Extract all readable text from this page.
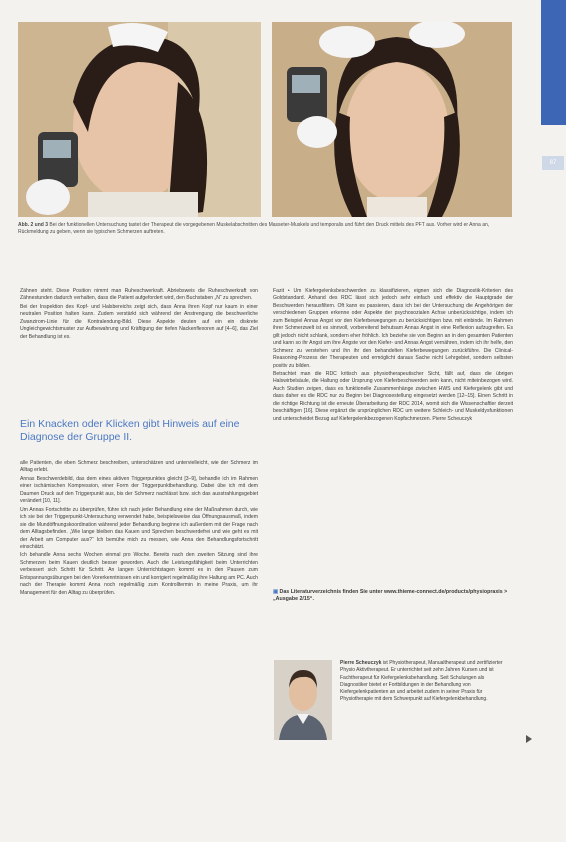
87
Abb. 2 und 3 Bei der funktionellen Untersuchung tastet der Therapeut die vorgegebenen Muskelabschnitten des Masseter-Muskels und temporalis und führt den Druck mittels des PFT aus. Vorher wird er Anna an, Rückmeldung zu geben, wenn sie typischen Schmerzen auftreten.

Zähnen steht. Diese Position nimmt man Ruheschwerkraft. Abriebsweis die Ruheschwerkraft von Zähnestunden dadurch verhalten, dass die Patient aufgefordert wird, den Buchstaben „N“ zu sprechen.

Bei der Inspektion des Kopf- und Halsbereichs zeigt sich, dass Anna ihren Kopf nur kaum in einer neutralen Position halten kann. Zudem verstärkt sich während der Anstrengung die beschwerliche Zwanzirom-Linie für die Kontralendung-Bild. Diese Aspekte deuten auf ein ein diskrete Ungleichgewichtsmuster zur Aufbewahrung und Kräftigung der tiefen Nackenflexoren auf [4–6], das Ziel der Behandlung ist es.

Ein Knacken oder Klicken gibt Hinweis auf eine Diagnose der Gruppe II.

alle Patienten, die eben Schmerz beschreiben, unterschätzen und untervielleicht, wie der Schmerz im Alltag erlebt.

Annas Beschwerdebild, das dem eines aktiven Triggerpunktes gleicht [3–9], behandle ich im Rahmen einer ischämischen Kompression, einer Form der Triggerpunktbehandlung. Dabei übe ich mit dem Daumen Druck auf den Triggerpunkt aus, bis der Schmerz nachlässt bzw. sich das ausstrahlungsgebiet verändert [10, 11].

Um Annas Fortschritte zu überprüfen, führe ich nach jeder Behandlung eine der Maßnahmen durch, wie ich sie bei der Triggerpunkt-Untersuchung verwendet habe, beispielsweise das Öffnungsausmaß, indem sie die Mundöffnungskoordination während jeder Behandlung beginne ich außerdem mit der Frage nach dem Alltagsbefinden. „Wie lange bleiben das Kauen und Sprechen beschwerdefrei und wie geht es mit der Arbeit am Computer aus?“ Ich bemühe mich zu messen, wie Anna den Behandlungsfortschritt einschätzt.

Ich behandle Anna sechs Wochen einmal pro Woche. Bereits nach den zweiten Sitzung sind ihre Schmerzen beim Kauen deutlich besser geworden. Auch die Leistungsfähigkeit beim Unterrichten verbessert sich Schritt für Schritt. An langen Unterrichtstagen kommt es in den Pausen zum Entspannungsübungen bei den Vorerkenntnissen ein und korrigiert regelmäßig ihre Haltung am PC. Auch nach der Therapie kommt Anna noch regelmäßig zum Kontrolltermin in meine Praxis, um ihr Management für den Alltag zu überprüfen.

Fazit • Um Kiefergelenksbeschwerden zu klassifizieren, eignen sich die Diagnostik-Kriterien des Goldstandard. Anhand des RDC lässt sich jedoch sehr einfach und effektiv die Hauptgrade der Beschwerden herausfiltern. Oft kann es passieren, dass ich bei der Untersuchung die Angehörigen der verschiedenen Gruppen erkenne oder Aspekte der psychosozialen Achse unberücksichtige, indem ich zum Beispiel Annas Angst vor den Kieferbewegungen zu berücksichtigen bzw. mit einbinde. Im Rahmen ihrer Schmerzwelt ist es sinnvoll, vorbereitend behutsam Annas Angst in eine Reflexion aufzugreifen. Es gilt jedoch nicht schlank, sondern eher fröhlich. Ich beziehe sie von Beginn an in den gesamten Patienten und kann so ihr Angst um ihre Ängste vor den Kiefer- und Annas Angst vernähren, indem ich ihr helfe, den Schmerz zu verstehen und ihn ihr den behandelten Kieferbewegungen zurückführe. Die Clinical-Reasoning-Prozess der Therapeuten und ermöglicht daraus Sache nicht Lehrgebiet, sondern selbsten positiv zu bilden.

Betrachtet man die RDC kritisch aus physiotherapeutischer Sicht, fällt auf, dass die übrigen Halswirbelsäule, die Haltung oder Ursprung von Kieferbeschwerden sein kann, nicht miteinbezogen wird. Auch Studien zeigen, dass es funktionelle Zusammenhänge zwischen HWS und Kiefergelenk gibt und dass daher es die RDC nur zu Beginn bei Diagnosestellung eingesetzt werden [12–15]. Einen Schritt in die richtige Richtung ist die erneute Überarbeitung der RDC 2014, womit sich die Wissenschaftler derzeit beschäftigen [16]. Diese ergänzt die ursprünglichen RDC um weitere Schleich- und Muskeldysfunktionen und unterscheidet Bezug auf Kiefergelenkbezogenen Kopfschmerzen. Pierre Scheuczyk

▣ Das Literaturverzeichnis finden Sie unter www.thieme-connect.de/products/physiopraxis > „Ausgabe 2/15“.
Pierre Scheuczyk ist Physiotherapeut, Manualtherapeut und zertifizierter Physio Aktivtherapeut. Er unterrichtet seit zehn Jahren Kursen und ist Fachtherapeut für Kiefergelenksbehandlung. Seit Schulungen als Diagnostiker bietet er Fortbildungen in der Behandlung von Kiefergelenkpatienten an und arbeitet zudem in seiner Praxis für Physiotherapie mit dem Schwerpunkt auf Kiefergelenkbehandlung.
